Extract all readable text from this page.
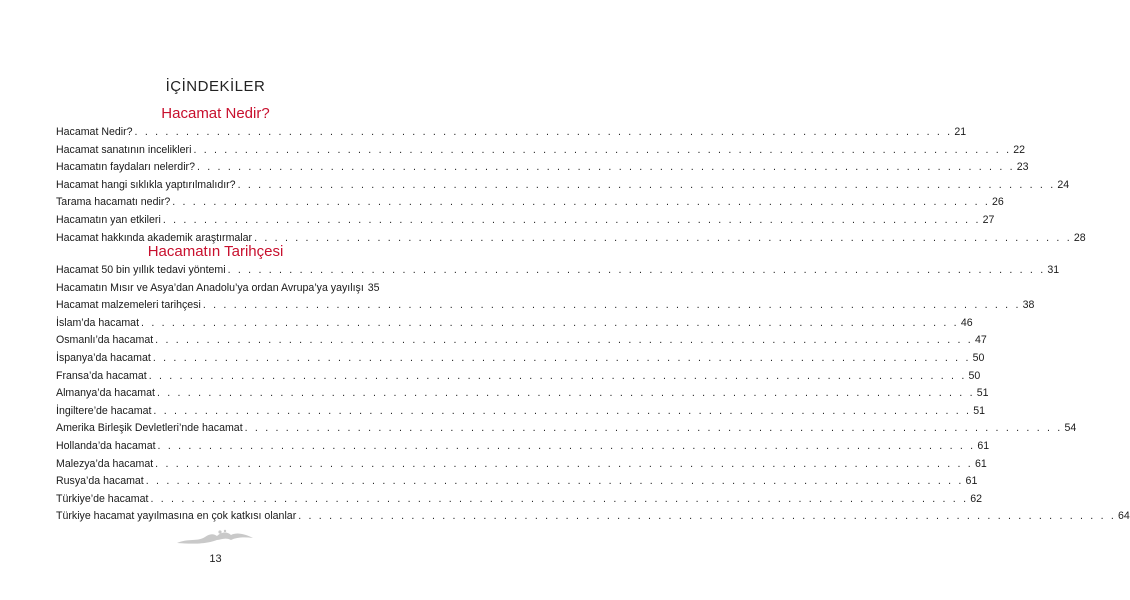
İÇİNDEKİLER
Hacamat Nedir?
Hacamat Nedir? . . . . . . . . . . . . . . . . . . . . . . . . . . . . . . . . . . . . . . . . . . . . . . . . . . . . . . . . . . . . . . . . . . . . . . . . . . . . . . . . 21
Hacamat sanatının incelikleri . . . . . . . . . . . . . . . . . . . . . . . . . . . . . . . . . . . . . . . . . . . . . . . . . . . . . . . . . . . . . . . . . . . . . . . . . . . . . . . . 22
Hacamatın faydaları nelerdir? . . . . . . . . . . . . . . . . . . . . . . . . . . . . . . . . . . . . . . . . . . . . . . . . . . . . . . . . . . . . . . . . . . . . . . . . . . . . . . . . 23
Hacamat hangi sıklıkla yaptırılmalıdır? . . . . . . . . . . . . . . . . . . . . . . . . . . . . . . . . . . . . . . . . . . . . . . . . . . . . . . . . . . . . . . . . . . . . . . . . . . . . . . . . 24
Tarama hacamatı nedir? . . . . . . . . . . . . . . . . . . . . . . . . . . . . . . . . . . . . . . . . . . . . . . . . . . . . . . . . . . . . . . . . . . . . . . . . . . . . . . . . 26
Hacamatın yan etkileri . . . . . . . . . . . . . . . . . . . . . . . . . . . . . . . . . . . . . . . . . . . . . . . . . . . . . . . . . . . . . . . . . . . . . . . . . . . . . . . . 27
Hacamat hakkında akademik araştırmalar . . . . . . . . . . . . . . . . . . . . . . . . . . . . . . . . . . . . . . . . . . . . . . . . . . . . . . . . . . . . . . . . . . . . . . . . . . . . . . . . 28
Hacamatın Tarihçesi
Hacamat 50 bin yıllık tedavi yöntemi . . . . . . . . . . . . . . . . . . . . . . . . . . . . . . . . . . . . . . . . . . . . . . . . . . . . . . . . . . . . . . . . . . . . . . . . . . . . . . . . 31
Hacamatın Mısır ve Asya’dan Anadolu’ya ordan Avrupa’ya yayılışı 35
Hacamat malzemeleri tarihçesi . . . . . . . . . . . . . . . . . . . . . . . . . . . . . . . . . . . . . . . . . . . . . . . . . . . . . . . . . . . . . . . . . . . . . . . . . . . . . . . . 38
İslam’da hacamat . . . . . . . . . . . . . . . . . . . . . . . . . . . . . . . . . . . . . . . . . . . . . . . . . . . . . . . . . . . . . . . . . . . . . . . . . . . . . . . . 46
Osmanlı’da hacamat . . . . . . . . . . . . . . . . . . . . . . . . . . . . . . . . . . . . . . . . . . . . . . . . . . . . . . . . . . . . . . . . . . . . . . . . . . . . . . . . 47
İspanya’da hacamat . . . . . . . . . . . . . . . . . . . . . . . . . . . . . . . . . . . . . . . . . . . . . . . . . . . . . . . . . . . . . . . . . . . . . . . . . . . . . . . . 50
Fransa’da hacamat . . . . . . . . . . . . . . . . . . . . . . . . . . . . . . . . . . . . . . . . . . . . . . . . . . . . . . . . . . . . . . . . . . . . . . . . . . . . . . . . 50
Almanya’da hacamat . . . . . . . . . . . . . . . . . . . . . . . . . . . . . . . . . . . . . . . . . . . . . . . . . . . . . . . . . . . . . . . . . . . . . . . . . . . . . . . . 51
İngiltere’de hacamat . . . . . . . . . . . . . . . . . . . . . . . . . . . . . . . . . . . . . . . . . . . . . . . . . . . . . . . . . . . . . . . . . . . . . . . . . . . . . . . . 51
Amerika Birleşik Devletleri’nde hacamat . . . . . . . . . . . . . . . . . . . . . . . . . . . . . . . . . . . . . . . . . . . . . . . . . . . . . . . . . . . . . . . . . . . . . . . . . . . . . . . . 54
Hollanda’da hacamat . . . . . . . . . . . . . . . . . . . . . . . . . . . . . . . . . . . . . . . . . . . . . . . . . . . . . . . . . . . . . . . . . . . . . . . . . . . . . . . . 61
Malezya’da hacamat . . . . . . . . . . . . . . . . . . . . . . . . . . . . . . . . . . . . . . . . . . . . . . . . . . . . . . . . . . . . . . . . . . . . . . . . . . . . . . . . 61
Rusya’da hacamat . . . . . . . . . . . . . . . . . . . . . . . . . . . . . . . . . . . . . . . . . . . . . . . . . . . . . . . . . . . . . . . . . . . . . . . . . . . . . . . . 61
Türkiye’de hacamat . . . . . . . . . . . . . . . . . . . . . . . . . . . . . . . . . . . . . . . . . . . . . . . . . . . . . . . . . . . . . . . . . . . . . . . . . . . . . . . . 62
Türkiye hacamat yayılmasına en çok katkısı olanlar . . . . . . . . . . . . . . . . . . . . . . . . . . . . . . . . . . . . . . . . . . . . . . . . . . . . . . . . . . . . . . . . . . . . . . . . . . . . . . . . 64
13
